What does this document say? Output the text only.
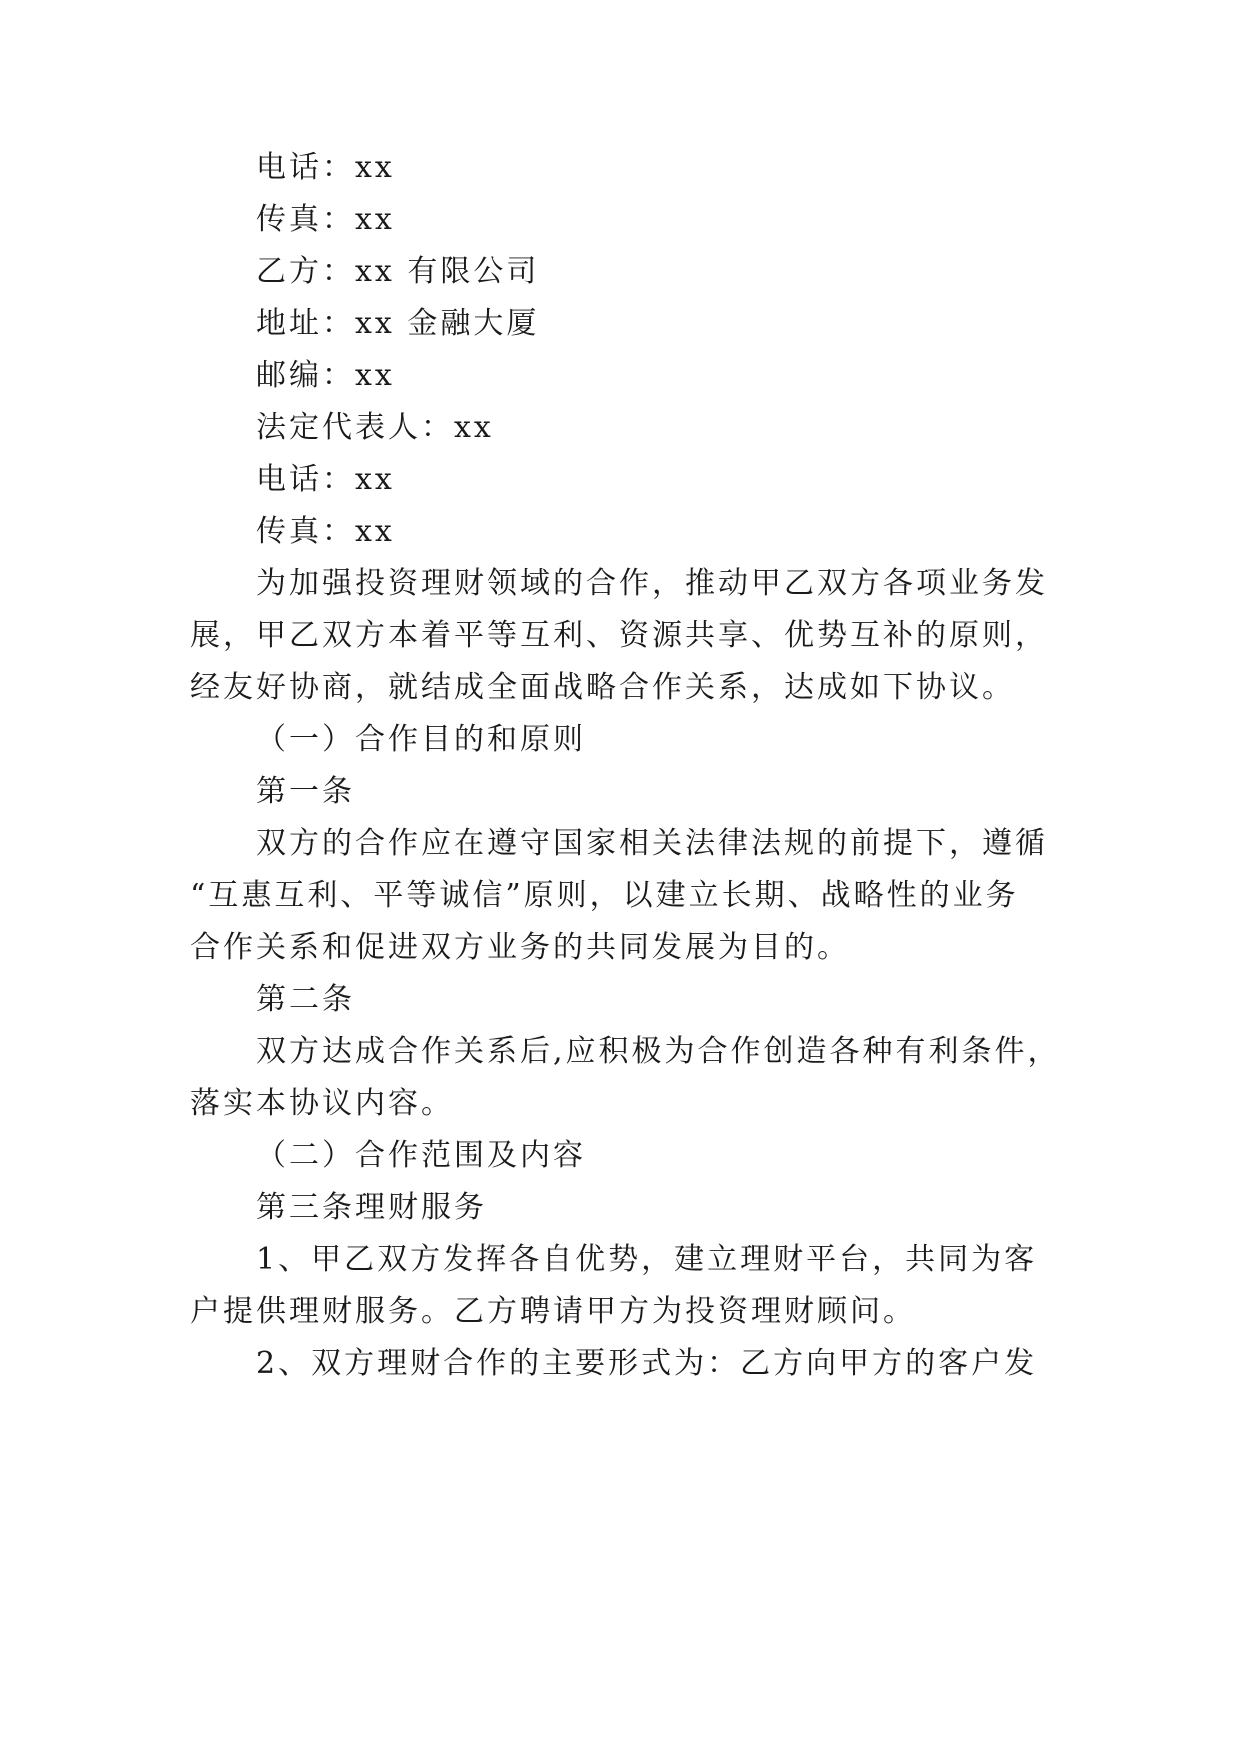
电话：xx
传真：xx
乙方：xx 有限公司
地址：xx 金融大厦
邮编：xx
法定代表人：xx
电话：xx
传真：xx
为加强投资理财领域的合作，推动甲乙双方各项业务发
展，甲乙双方本着平等互利、资源共享、优势互补的原则，
经友好协商，就结成全面战略合作关系，达成如下协议。
（一）合作目的和原则
第一条
双方的合作应在遵守国家相关法律法规的前提下，遵循
“互惠互利、平等诚信”原则，以建立长期、战略性的业务
合作关系和促进双方业务的共同发展为目的。
第二条
双方达成合作关系后,应积极为合作创造各种有利条件，
落实本协议内容。
（二）合作范围及内容
第三条理财服务
1、甲乙双方发挥各自优势，建立理财平台，共同为客
户提供理财服务。乙方聘请甲方为投资理财顾问。
2、双方理财合作的主要形式为：乙方向甲方的客户发
